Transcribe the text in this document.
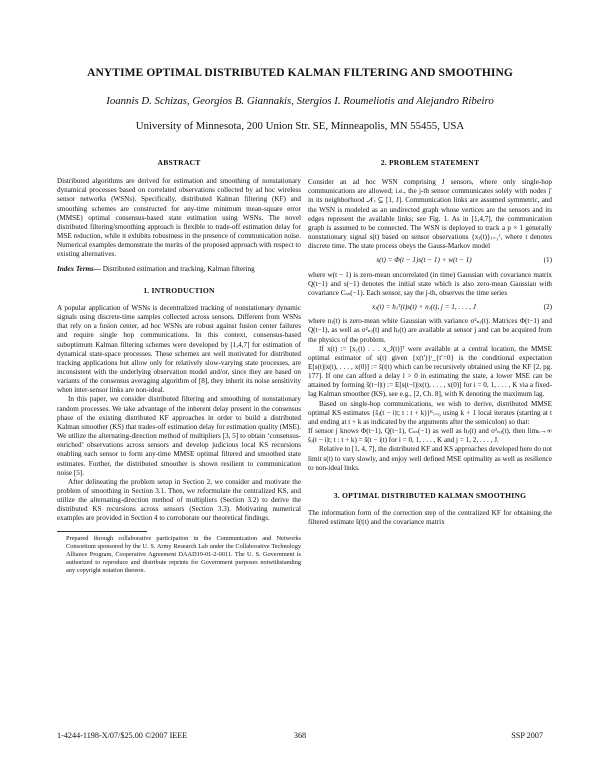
ANYTIME OPTIMAL DISTRIBUTED KALMAN FILTERING AND SMOOTHING
Ioannis D. Schizas, Georgios B. Giannakis, Stergios I. Roumeliotis and Alejandro Ribeiro
University of Minnesota, 200 Union Str. SE, Minneapolis, MN 55455, USA

ABSTRACT

Distributed algorithms are derived for estimation and smoothing of nonstationary dynamical processes based on correlated observations collected by ad hoc wireless sensor networks (WSNs). Specifically, distributed Kalman filtering (KF) and smoothing schemes are constructed for any-time minimum mean-square error (MMSE) optimal consensus-based state estimation using WSNs. The novel distributed filtering/smoothing approach is flexible to trade-off estimation delay for MSE reduction, while it exhibits robustness in the presence of communication noise. Numerical examples demonstrate the merits of the proposed approach with respect to existing alternatives.

Index Terms— Distributed estimation and tracking, Kalman filtering

1. INTRODUCTION

A popular application of WSNs is decentralized tracking of nonstationary dynamic signals using discrete-time samples collected across sensors. Different from WSNs that rely on a fusion center, ad hoc WSNs are robust against fusion center failures and require single hop communications. In this context, consensus-based suboptimum Kalman filtering schemes were developed by [1,4,7] for estimation of dynamical state-space processes. These schemes are well motivated for distributed tracking applications but allow only for relatively slow-varying state processes, are inconsistent with the underlying observation model and/or, since they are based on variants of the consensus averaging algorithm of [8], they inherit its noise sensitivity when inter-sensor links are non-ideal.

In this paper, we consider distributed filtering and smoothing of nonstationary random processes. We take advantage of the inherent delay present in the consensus phase of the existing distributed KF approaches in order to build a distributed Kalman smoother (KS) that trades-off estimation delay for estimation quality (MSE). We utilize the alternating-direction method of multipliers [3, 5] to obtain ‘consensus-enriched’ observations across sensors and develop judicious local KS recursions enabling each sensor to form any-time MMSE optimal filtered and smoothed state estimates. Further, the distributed smoother is shown resilient to communication noise [5].

After delineating the problem setup in Section 2, we consider and motivate the problem of smoothing in Section 3.1. Then, we reformulate the centralized KS, and utilize the alternating-direction method of multipliers (Section 3.2) to derive the distributed KS recursions across sensors (Section 3.3). Motivating numerical examples are provided in Section 4 to corroborate our theoretical findings.

Prepared through collaborative participation in the Communication and Networks Consortium sponsored by the U. S. Army Research Lab under the Collaborative Technology Alliance Program, Cooperative Agreement DAAD19-01-2-0011. The U. S. Government is authorized to reproduce and distribute reprints for Government purposes notwithstanding any copyright notation thereon.

2. PROBLEM STATEMENT

Consider an ad hoc WSN comprising J sensors, where only single-hop communications are allowed; i.e., the j-th sensor communicates solely with nodes j′ in its neighborhood 𝒩ⱼ ⊆ [1, J]. Communication links are assumed symmetric, and the WSN is modeled as an undirected graph whose vertices are the sensors and its edges represent the available links; see Fig. 1. As in [1,4,7], the communication graph is assumed to be connected. The WSN is deployed to track a p × 1 generally nonstationary signal s(t) based on sensor observations {xⱼ(t)}ⱼ₌₁ᴶ, where t denotes discrete time. The state process obeys the Gauss-Markov model

s(t) = Φ(t − 1)s(t − 1) + w(t − 1)	(1)

where w(t − 1) is zero-mean uncorrelated (in time) Gaussian with covariance matrix Q(t−1) and s(−1) denotes the initial state which is also zero-mean Gaussian with covariance Cₛₛ(−1). Each sensor, say the j-th, observes the time series

xⱼ(t) = hⱼᵀ(t)s(t) + nⱼ(t), j = 1, . . . , J	(2)

where nⱼ(t) is zero-mean white Gaussian with variance σ²ₙⱼ(t). Matrices Φ(t−1) and Q(t−1), as well as σ²ₙⱼ(t) and hⱼ(t) are available at sensor j and can be acquired from the physics of the problem.

If x(t) := [x₁(t) . . . x_J(t)]ᵀ were available at a central location, the MMSE optimal estimator of s(t) given {x(t′)}ᵗ_{t′=0} is the conditional expectation E[s(t)|x(t), . . . , x(0)] := ŝ(t|t) which can be recursively obtained using the KF [2, pg. 177]. If one can afford a delay l > 0 in estimating the state, a lower MSE can be attained by forming ŝ(t−l|t) := E[s(t−l)|x(t), . . . , x(0)] for i = 0, 1, . . . , K via a fixed-lag Kalman smoother (KS), see e.g., [2, Ch. 8], with K denoting the maximum lag.

Based on single-hop communications, we wish to derive, distributed MMSE optimal KS estimates {ŝⱼ(t − i|t; t : t + k)}ᴷᵢ₌₀ using k + 1 local iterates (starting at t and ending at t + k as indicated by the arguments after the semicolon) so that:

If sensor j knows Φ(t−1), Q(t−1), Cₛₛ(−1) as well as hⱼ(t) and σ²ₙⱼ(t), then limₖ→∞ ŝⱼ(t − i|t; t : t + k) = ŝ(t − i|t) for i = 0, 1, . . . , K and j = 1, 2, . . . , J.

Relative to [1, 4, 7], the distributed KF and KS approaches developed here do not limit s(t) to vary slowly, and enjoy well defined MSE optimality as well as resilience to non-ideal links.

3. OPTIMAL DISTRIBUTED KALMAN SMOOTHING

The information form of the correction step of the centralized KF for obtaining the filtered estimate ŝ(t|t) and the covariance matrix

1-4244-1198-X/07/$25.00 ©2007 IEEE	368	SSP 2007
